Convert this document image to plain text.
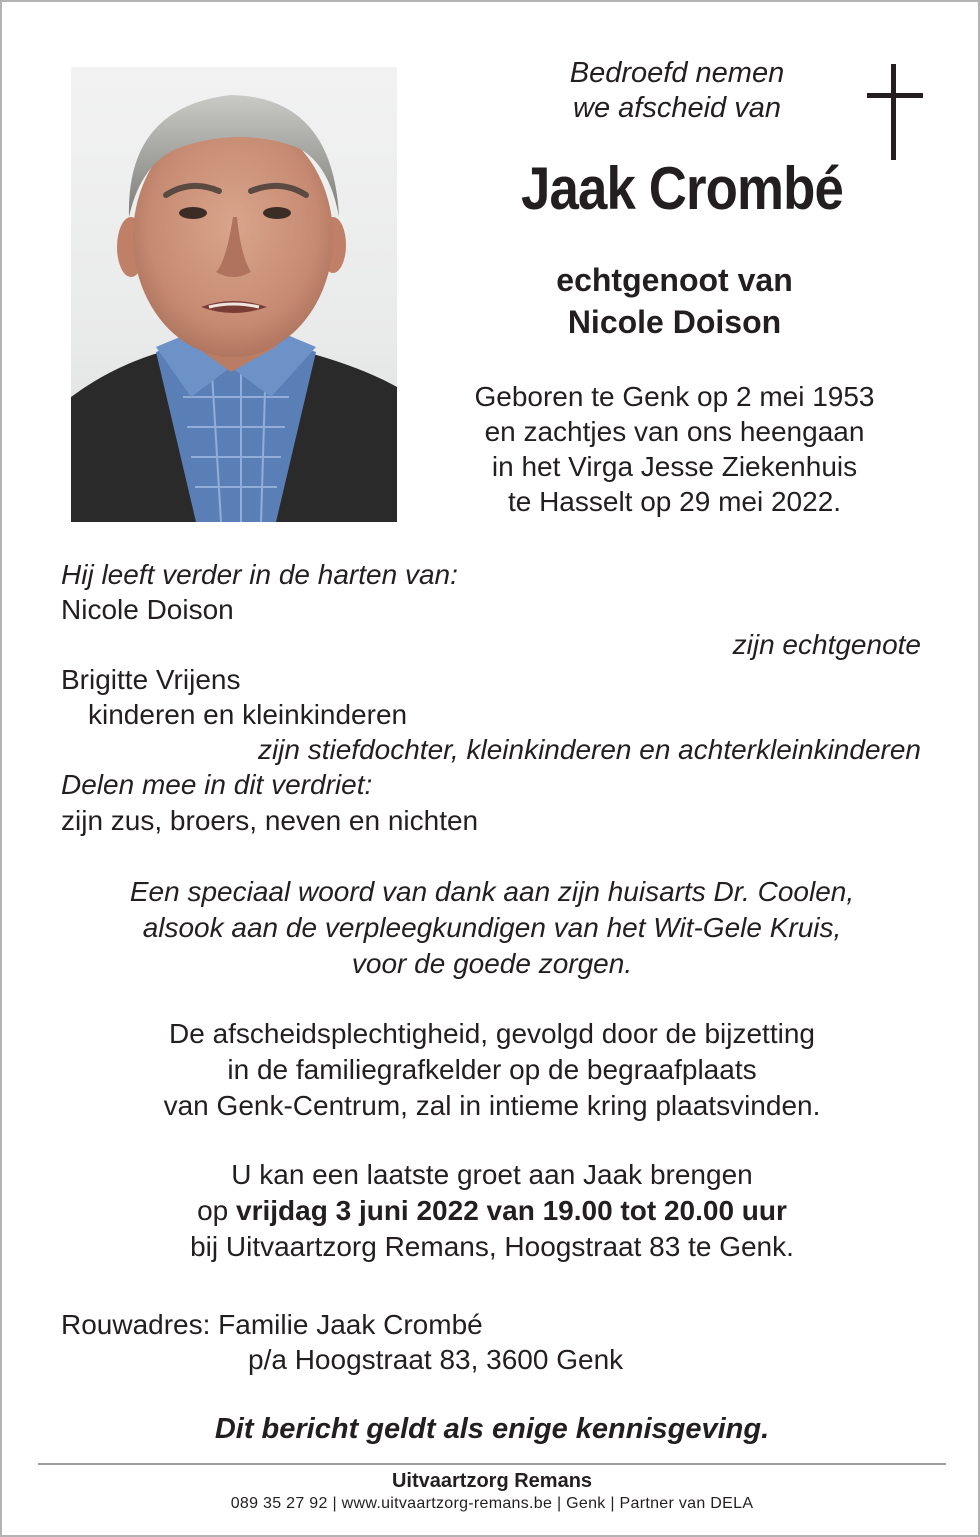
Bedroefd nemen
we afscheid van
Jaak Crombé
echtgenoot van
Nicole Doison
Geboren te Genk op 2 mei 1953
en zachtjes van ons heengaan
in het Virga Jesse Ziekenhuis
te Hasselt op 29 mei 2022.
Hij leeft verder in de harten van:
Nicole Doison
zijn echtgenote
Brigitte Vrijens
kinderen en kleinkinderen
zijn stiefdochter, kleinkinderen en achterkleinkinderen
Delen mee in dit verdriet:
zijn zus, broers, neven en nichten
Een speciaal woord van dank aan zijn huisarts Dr. Coolen,
alsook aan de verpleegkundigen van het Wit-Gele Kruis,
voor de goede zorgen.
De afscheidsplechtigheid, gevolgd door de bijzetting
in de familiegrafkelder op de begraafplaats
van Genk-Centrum, zal in intieme kring plaatsvinden.
U kan een laatste groet aan Jaak brengen
op vrijdag 3 juni 2022 van 19.00 tot 20.00 uur
bij Uitvaartzorg Remans, Hoogstraat 83 te Genk.
Rouwadres: Familie Jaak Crombé
p/a Hoogstraat 83, 3600 Genk
Dit bericht geldt als enige kennisgeving.
Uitvaartzorg Remans
089 35 27 92 | www.uitvaartzorg-remans.be | Genk | Partner van DELA
